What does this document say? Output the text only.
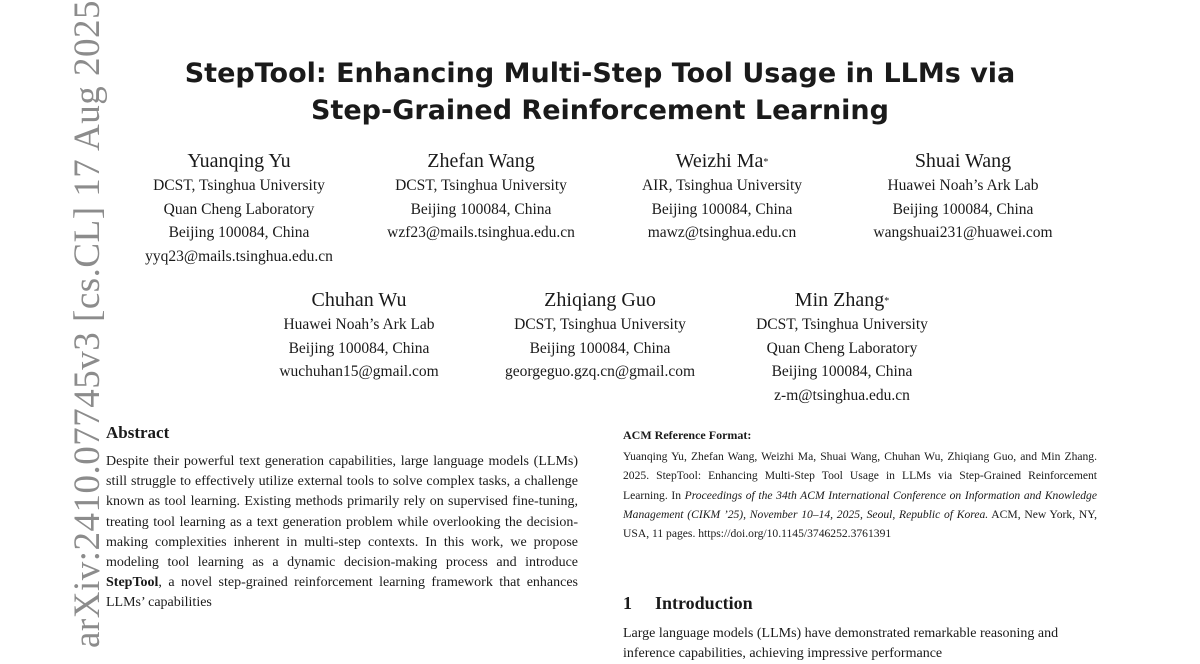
StepTool: Enhancing Multi-Step Tool Usage in LLMs via
Step-Grained Reinforcement Learning
Yuanqing Yu
DCST, Tsinghua University
Quan Cheng Laboratory
Beijing 100084, China
yyq23@mails.tsinghua.edu.cn
Zhefan Wang
DCST, Tsinghua University
Beijing 100084, China
wzf23@mails.tsinghua.edu.cn
Weizhi Ma*
AIR, Tsinghua University
Beijing 100084, China
mawz@tsinghua.edu.cn
Shuai Wang
Huawei Noah’s Ark Lab
Beijing 100084, China
wangshuai231@huawei.com
Chuhan Wu
Huawei Noah’s Ark Lab
Beijing 100084, China
wuchuhan15@gmail.com
Zhiqiang Guo
DCST, Tsinghua University
Beijing 100084, China
georgeguo.gzq.cn@gmail.com
Min Zhang*
DCST, Tsinghua University
Quan Cheng Laboratory
Beijing 100084, China
z-m@tsinghua.edu.cn
Abstract
Despite their powerful text generation capabilities, large language models (LLMs) still struggle to effectively utilize external tools to solve complex tasks, a challenge known as tool learning. Existing methods primarily rely on supervised fine-tuning, treating tool learning as a text generation problem while overlooking the decision-making complexities inherent in multi-step contexts. In this work, we propose modeling tool learning as a dynamic decision-making process and introduce StepTool, a novel step-grained reinforcement learning framework that enhances LLMs’ capabilities
ACM Reference Format:
Yuanqing Yu, Zhefan Wang, Weizhi Ma, Shuai Wang, Chuhan Wu, Zhiqiang Guo, and Min Zhang. 2025. StepTool: Enhancing Multi-Step Tool Usage in LLMs via Step-Grained Reinforcement Learning. In Proceedings of the 34th ACM International Conference on Information and Knowledge Management (CIKM ’25), November 10–14, 2025, Seoul, Republic of Korea. ACM, New York, NY, USA, 11 pages. https://doi.org/10.1145/3746252.3761391
1 Introduction
Large language models (LLMs) have demonstrated remarkable reasoning and inference capabilities, achieving impressive performance
arXiv:2410.07745v3 [cs.CL] 17 Aug 2025
